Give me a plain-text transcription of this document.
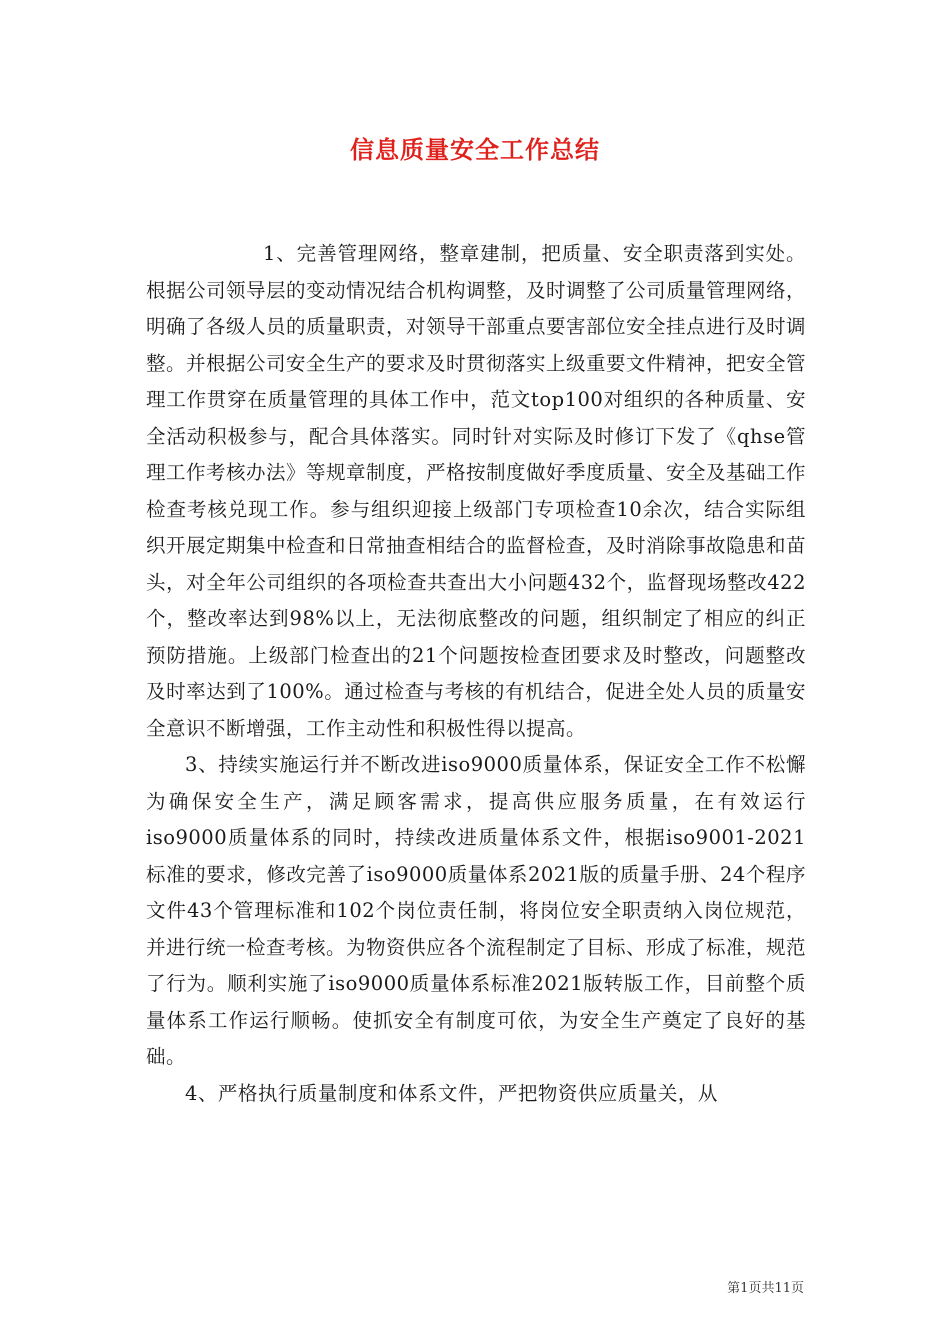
信息质量安全工作总结

1、完善管理网络，整章建制，把质量、安全职责落到实处。根据公司领导层的变动情况结合机构调整，及时调整了公司质量管理网络，明确了各级人员的质量职责，对领导干部重点要害部位安全挂点进行及时调整。并根据公司安全生产的要求及时贯彻落实上级重要文件精神，把安全管理工作贯穿在质量管理的具体工作中，范文top100对组织的各种质量、安全活动积极参与，配合具体落实。同时针对实际及时修订下发了《qhse管理工作考核办法》等规章制度，严格按制度做好季度质量、安全及基础工作检查考核兑现工作。参与组织迎接上级部门专项检查10余次，结合实际组织开展定期集中检查和日常抽查相结合的监督检查，及时消除事故隐患和苗头，对全年公司组织的各项检查共查出大小问题432个，监督现场整改422个，整改率达到98%以上，无法彻底整改的问题，组织制定了相应的纠正预防措施。上级部门检查出的21个问题按检查团要求及时整改，问题整改及时率达到了100%。通过检查与考核的有机结合，促进全处人员的质量安全意识不断增强，工作主动性和积极性得以提高。

3、持续实施运行并不断改进iso9000质量体系，保证安全工作不松懈为确保安全生产，满足顾客需求，提高供应服务质量，在有效运行iso9000质量体系的同时，持续改进质量体系文件，根据iso9001-2021标准的要求，修改完善了iso9000质量体系2021版的质量手册、24个程序文件43个管理标准和102个岗位责任制，将岗位安全职责纳入岗位规范，并进行统一检查考核。为物资供应各个流程制定了目标、形成了标准，规范了行为。顺利实施了iso9000质量体系标准2021版转版工作，目前整个质量体系工作运行顺畅。使抓安全有制度可依，为安全生产奠定了良好的基础。

4、严格执行质量制度和体系文件，严把物资供应质量关，从

第1页共11页
